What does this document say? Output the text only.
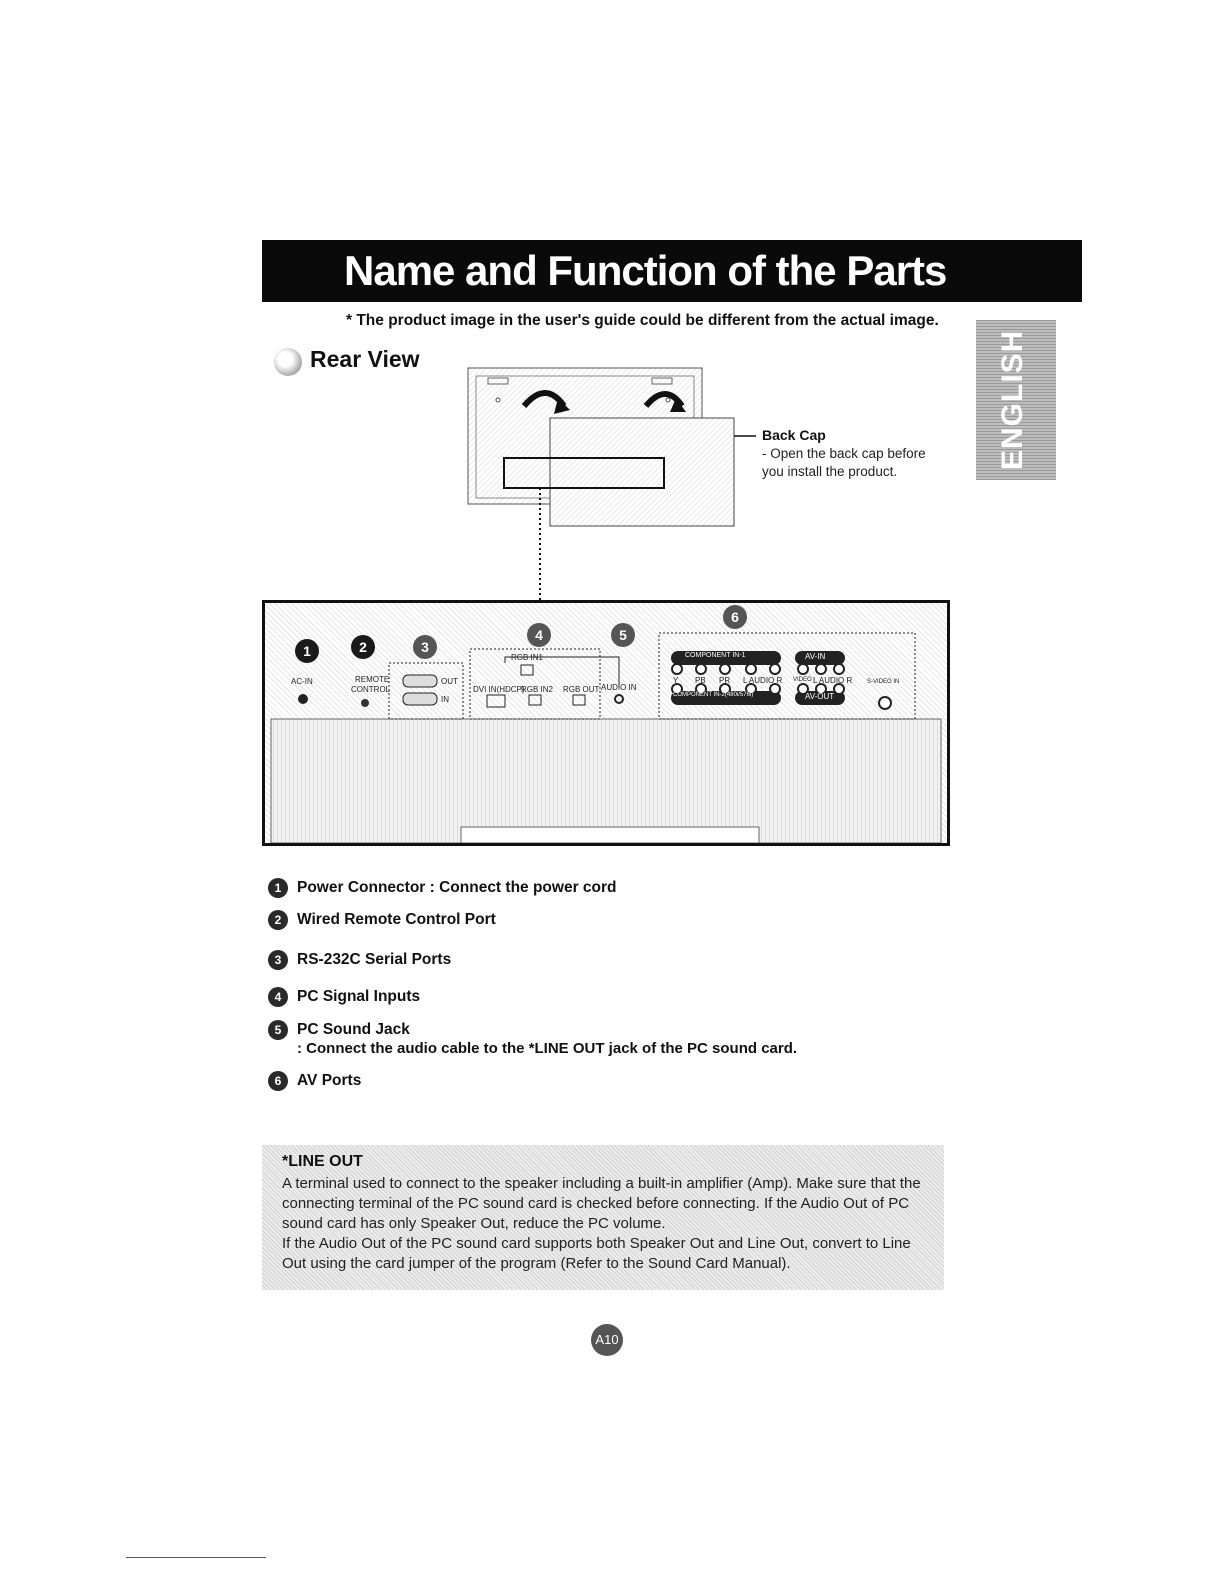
Name and Function of the Parts
* The product image in the user's guide could be different from the actual image.
ENGLISH
Rear View
Back Cap
- Open the back cap before
you install the product.
1	2	3
4	5
6
AC-IN	REMOTE
CONTROL
OUT
IN
RGB IN1
DVI IN(HDCP)
RGB IN2 RGB OUT AUDIO IN
COMPONENT IN-1
COMPONENT IN-2(480i/576i)
Y PB PR L AUDIO R
AV-IN
VIDEO L AUDIO R
AV-OUT
S-VIDEO IN
1 Power Connector : Connect the power cord
2 Wired Remote Control Port
3 RS-232C Serial Ports
4 PC Signal Inputs
5 PC Sound Jack
: Connect the audio cable to the *LINE OUT jack of the PC sound card.
6 AV Ports
*LINE OUT
A terminal used to connect to the speaker including a built-in amplifier (Amp). Make sure that the connecting terminal of the PC sound card is checked before connecting. If the Audio Out of PC sound card has only Speaker Out, reduce the PC volume.
If the Audio Out of the PC sound card supports both Speaker Out and Line Out, convert to Line Out using the card jumper of the program (Refer to the Sound Card Manual).
A10
